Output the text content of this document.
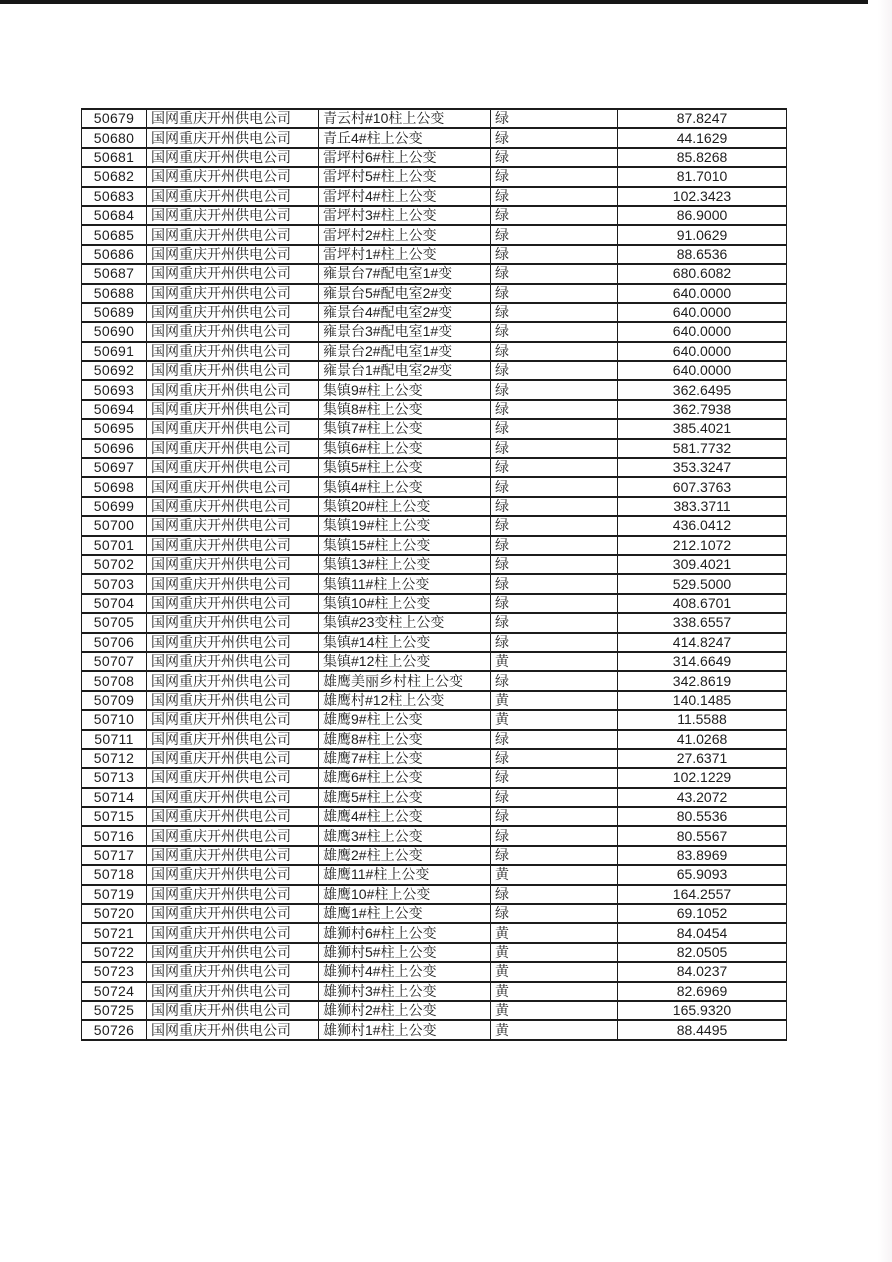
50679	国网重庆开州供电公司	青云村#10柱上公变	绿	87.8247
50680	国网重庆开州供电公司	青丘4#柱上公变	绿	44.1629
50681	国网重庆开州供电公司	雷坪村6#柱上公变	绿	85.8268
50682	国网重庆开州供电公司	雷坪村5#柱上公变	绿	81.7010
50683	国网重庆开州供电公司	雷坪村4#柱上公变	绿	102.3423
50684	国网重庆开州供电公司	雷坪村3#柱上公变	绿	86.9000
50685	国网重庆开州供电公司	雷坪村2#柱上公变	绿	91.0629
50686	国网重庆开州供电公司	雷坪村1#柱上公变	绿	88.6536
50687	国网重庆开州供电公司	雍景台7#配电室1#变	绿	680.6082
50688	国网重庆开州供电公司	雍景台5#配电室2#变	绿	640.0000
50689	国网重庆开州供电公司	雍景台4#配电室2#变	绿	640.0000
50690	国网重庆开州供电公司	雍景台3#配电室1#变	绿	640.0000
50691	国网重庆开州供电公司	雍景台2#配电室1#变	绿	640.0000
50692	国网重庆开州供电公司	雍景台1#配电室2#变	绿	640.0000
50693	国网重庆开州供电公司	集镇9#柱上公变	绿	362.6495
50694	国网重庆开州供电公司	集镇8#柱上公变	绿	362.7938
50695	国网重庆开州供电公司	集镇7#柱上公变	绿	385.4021
50696	国网重庆开州供电公司	集镇6#柱上公变	绿	581.7732
50697	国网重庆开州供电公司	集镇5#柱上公变	绿	353.3247
50698	国网重庆开州供电公司	集镇4#柱上公变	绿	607.3763
50699	国网重庆开州供电公司	集镇20#柱上公变	绿	383.3711
50700	国网重庆开州供电公司	集镇19#柱上公变	绿	436.0412
50701	国网重庆开州供电公司	集镇15#柱上公变	绿	212.1072
50702	国网重庆开州供电公司	集镇13#柱上公变	绿	309.4021
50703	国网重庆开州供电公司	集镇11#柱上公变	绿	529.5000
50704	国网重庆开州供电公司	集镇10#柱上公变	绿	408.6701
50705	国网重庆开州供电公司	集镇#23变柱上公变	绿	338.6557
50706	国网重庆开州供电公司	集镇#14柱上公变	绿	414.8247
50707	国网重庆开州供电公司	集镇#12柱上公变	黄	314.6649
50708	国网重庆开州供电公司	雄鹰美丽乡村柱上公变	绿	342.8619
50709	国网重庆开州供电公司	雄鹰村#12柱上公变	黄	140.1485
50710	国网重庆开州供电公司	雄鹰9#柱上公变	黄	11.5588
50711	国网重庆开州供电公司	雄鹰8#柱上公变	绿	41.0268
50712	国网重庆开州供电公司	雄鹰7#柱上公变	绿	27.6371
50713	国网重庆开州供电公司	雄鹰6#柱上公变	绿	102.1229
50714	国网重庆开州供电公司	雄鹰5#柱上公变	绿	43.2072
50715	国网重庆开州供电公司	雄鹰4#柱上公变	绿	80.5536
50716	国网重庆开州供电公司	雄鹰3#柱上公变	绿	80.5567
50717	国网重庆开州供电公司	雄鹰2#柱上公变	绿	83.8969
50718	国网重庆开州供电公司	雄鹰11#柱上公变	黄	65.9093
50719	国网重庆开州供电公司	雄鹰10#柱上公变	绿	164.2557
50720	国网重庆开州供电公司	雄鹰1#柱上公变	绿	69.1052
50721	国网重庆开州供电公司	雄狮村6#柱上公变	黄	84.0454
50722	国网重庆开州供电公司	雄狮村5#柱上公变	黄	82.0505
50723	国网重庆开州供电公司	雄狮村4#柱上公变	黄	84.0237
50724	国网重庆开州供电公司	雄狮村3#柱上公变	黄	82.6969
50725	国网重庆开州供电公司	雄狮村2#柱上公变	黄	165.9320
50726	国网重庆开州供电公司	雄狮村1#柱上公变	黄	88.4495
